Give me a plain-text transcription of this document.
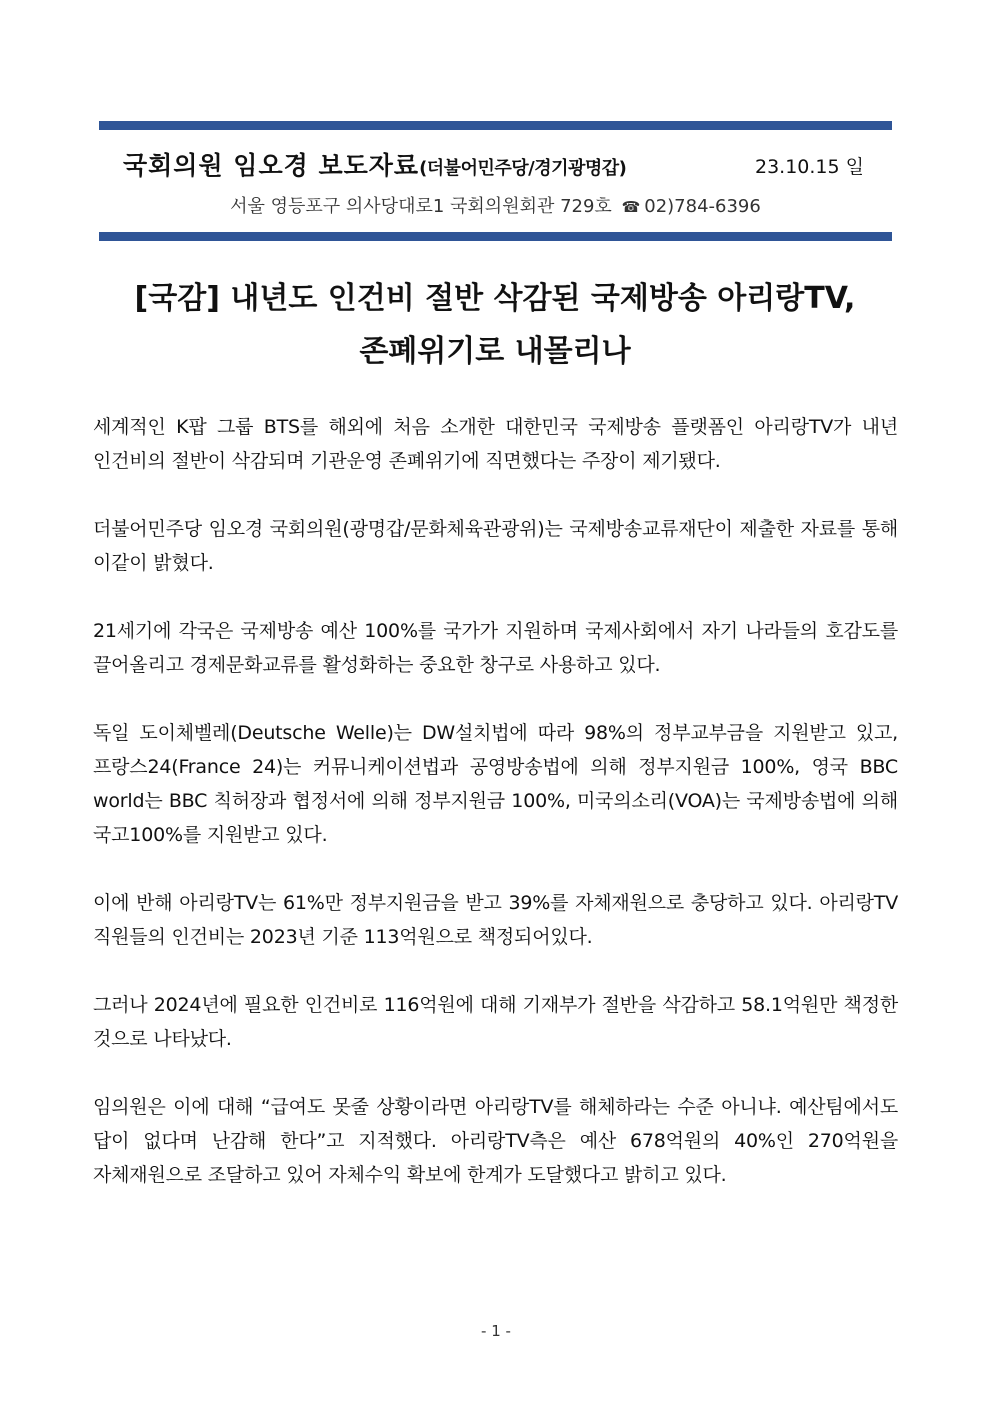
국회의원 임오경 보도자료(더불어민주당/경기광명갑)	23.10.15 일
서울 영등포구 의사당대로1 국회의원회관 729호 ☎ 02)784-6396
[국감] 내년도 인건비 절반 삭감된 국제방송 아리랑TV,
존폐위기로 내몰리나

세계적인 K팝 그룹 BTS를 해외에 처음 소개한 대한민국 국제방송 플랫폼인 아리랑TV가 내년 인건비의 절반이 삭감되며 기관운영 존폐위기에 직면했다는 주장이 제기됐다.

더불어민주당 임오경 국회의원(광명갑/문화체육관광위)는 국제방송교류재단이 제출한 자료를 통해 이같이 밝혔다.

21세기에 각국은 국제방송 예산 100%를 국가가 지원하며 국제사회에서 자기 나라들의 호감도를 끌어올리고 경제문화교류를 활성화하는 중요한 창구로 사용하고 있다.

독일 도이체벨레(Deutsche Welle)는 DW설치법에 따라 98%의 정부교부금을 지원받고 있고, 프랑스24(France 24)는 커뮤니케이션법과 공영방송법에 의해 정부지원금 100%, 영국 BBC world는 BBC 칙허장과 협정서에 의해 정부지원금 100%, 미국의소리(VOA)는 국제방송법에 의해 국고100%를 지원받고 있다.

이에 반해 아리랑TV는 61%만 정부지원금을 받고 39%를 자체재원으로 충당하고 있다. 아리랑TV 직원들의 인건비는 2023년 기준 113억원으로 책정되어있다.

그러나 2024년에 필요한 인건비로 116억원에 대해 기재부가 절반을 삭감하고 58.1억원만 책정한 것으로 나타났다.

임의원은 이에 대해 “급여도 못줄 상황이라면 아리랑TV를 해체하라는 수준 아니냐. 예산팀에서도 답이 없다며 난감해 한다”고 지적했다. 아리랑TV측은 예산 678억원의 40%인 270억원을 자체재원으로 조달하고 있어 자체수익 확보에 한계가 도달했다고 밝히고 있다.

- 1 -
